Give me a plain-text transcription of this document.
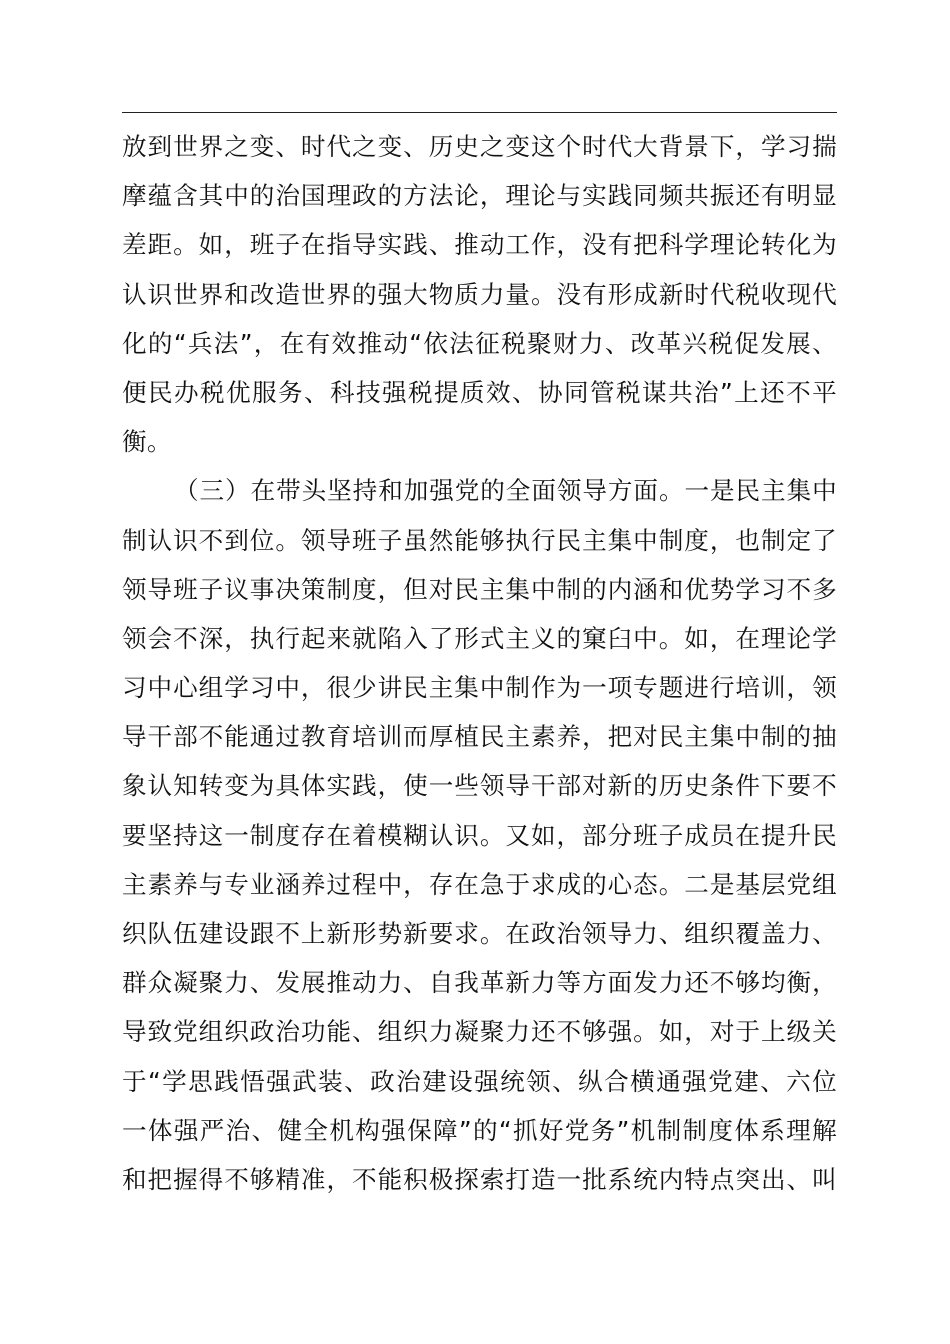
放到世界之变、时代之变、历史之变这个时代大背景下，学习揣
摩蕴含其中的治国理政的方法论，理论与实践同频共振还有明显
差距。如，班子在指导实践、推动工作，没有把科学理论转化为
认识世界和改造世界的强大物质力量。没有形成新时代税收现代
化的“兵法”，在有效推动“依法征税聚财力、改革兴税促发展、
便民办税优服务、科技强税提质效、协同管税谋共治”上还不平
衡。
（三）在带头坚持和加强党的全面领导方面。一是民主集中
制认识不到位。领导班子虽然能够执行民主集中制度，也制定了
领导班子议事决策制度，但对民主集中制的内涵和优势学习不多
领会不深，执行起来就陷入了形式主义的窠臼中。如，在理论学
习中心组学习中，很少讲民主集中制作为一项专题进行培训，领
导干部不能通过教育培训而厚植民主素养，把对民主集中制的抽
象认知转变为具体实践，使一些领导干部对新的历史条件下要不
要坚持这一制度存在着模糊认识。又如，部分班子成员在提升民
主素养与专业涵养过程中，存在急于求成的心态。二是基层党组
织队伍建设跟不上新形势新要求。在政治领导力、组织覆盖力、
群众凝聚力、发展推动力、自我革新力等方面发力还不够均衡，
导致党组织政治功能、组织力凝聚力还不够强。如，对于上级关
于“学思践悟强武装、政治建设强统领、纵合横通强党建、六位
一体强严治、健全机构强保障”的“抓好党务”机制制度体系理解
和把握得不够精准，不能积极探索打造一批系统内特点突出、叫
